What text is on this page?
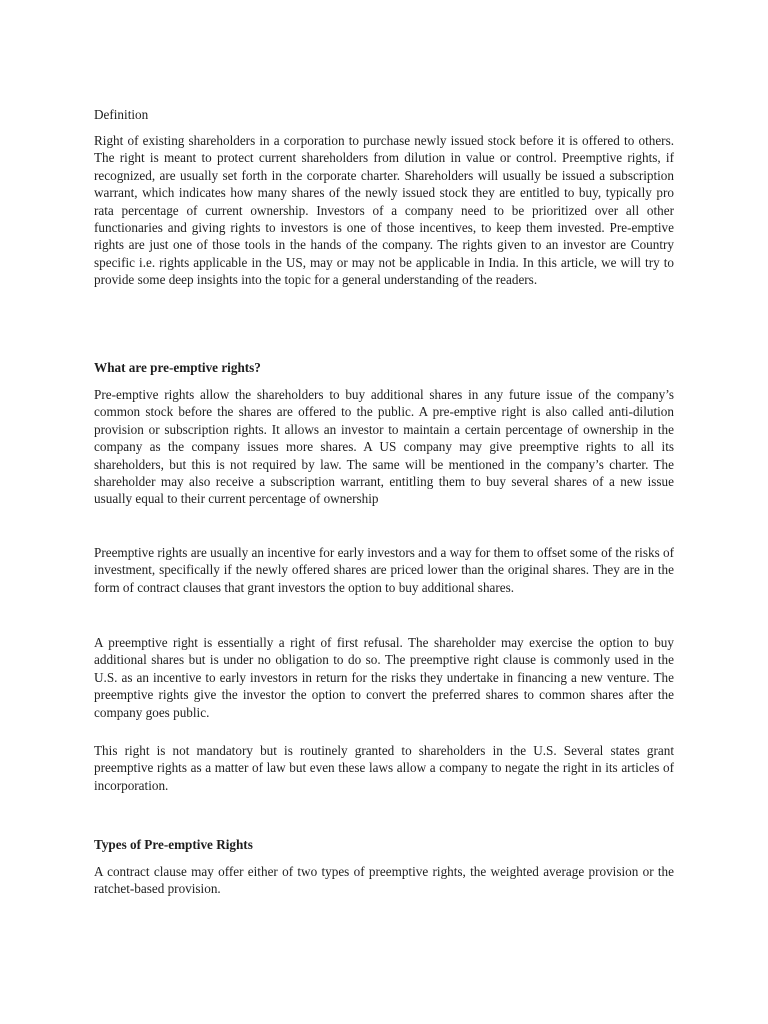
Definition

Right of existing shareholders in a corporation to purchase newly issued stock before it is offered to others. The right is meant to protect current shareholders from dilution in value or control. Preemptive rights, if recognized, are usually set forth in the corporate charter. Shareholders will usually be issued a subscription warrant, which indicates how many shares of the newly issued stock they are entitled to buy, typically pro rata percentage of current ownership. Investors of a company need to be prioritized over all other functionaries and giving rights to investors is one of those incentives, to keep them invested. Pre-emptive rights are just one of those tools in the hands of the company. The rights given to an investor are Country specific i.e. rights applicable in the US, may or may not be applicable in India. In this article, we will try to provide some deep insights into the topic for a general understanding of the readers.

What are pre-emptive rights?

Pre-emptive rights allow the shareholders to buy additional shares in any future issue of the company’s common stock before the shares are offered to the public. A pre-emptive right is also called anti-dilution provision or subscription rights. It allows an investor to maintain a certain percentage of ownership in the company as the company issues more shares. A US company may give preemptive rights to all its shareholders, but this is not required by law. The same will be mentioned in the company’s charter. The shareholder may also receive a subscription warrant, entitling them to buy several shares of a new issue usually equal to their current percentage of ownership

Preemptive rights are usually an incentive for early investors and a way for them to offset some of the risks of investment, specifically if the newly offered shares are priced lower than the original shares. They are in the form of contract clauses that grant investors the option to buy additional shares.

A preemptive right is essentially a right of first refusal. The shareholder may exercise the option to buy additional shares but is under no obligation to do so. The preemptive right clause is commonly used in the U.S. as an incentive to early investors in return for the risks they undertake in financing a new venture. The preemptive rights give the investor the option to convert the preferred shares to common shares after the company goes public.

This right is not mandatory but is routinely granted to shareholders in the U.S. Several states grant preemptive rights as a matter of law but even these laws allow a company to negate the right in its articles of incorporation.

Types of Pre-emptive Rights

A contract clause may offer either of two types of preemptive rights, the weighted average provision or the ratchet-based provision.
